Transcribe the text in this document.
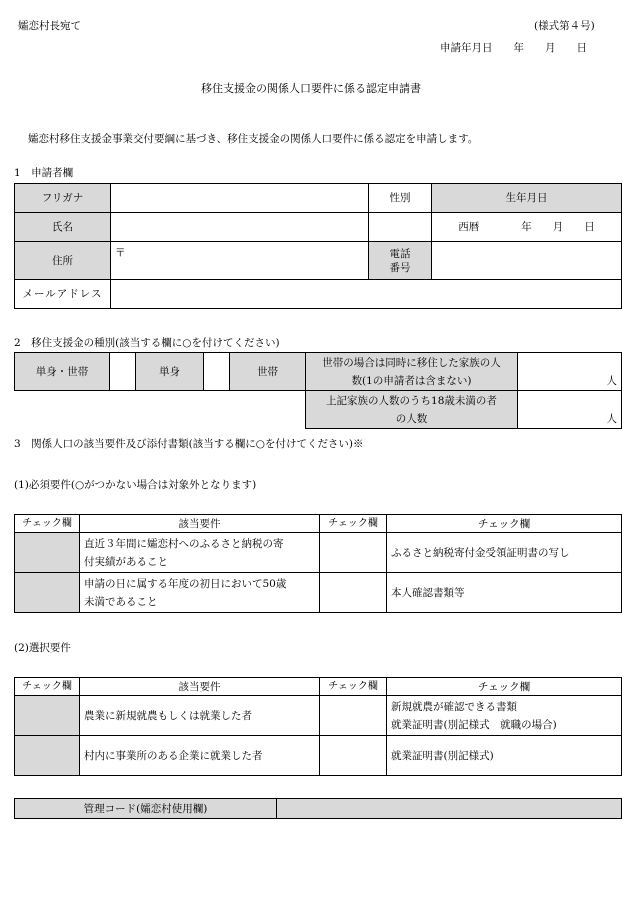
孀恋村長宛て	(様式第４号)
申請年月日　　年　　月　　日
移住支援金の関係人口要件に係る認定申請書
孀恋村移住支援金事業交付要綱に基づき、移住支援金の関係人口要件に係る認定を申請します。
1　申請者欄
フリガナ		性別	生年月日
氏名			西暦　　　　年　　月　　日
住所	〒	電話
番号	

メールアドレス			
2　移住支援金の種別(該当する欄に○を付けてください)
単身・世帯		単身		世帯	世帯の場合は同時に移住した家族の人
数(1の申請者は含まない)	人

					上記家族の人数のうち18歳未満の者
の人数	人
3　関係人口の該当要件及び添付書類(該当する欄に○を付けてください)※
(1)必須要件(○がつかない場合は対象外となります)
チェック欄	該当要件	チェック欄	チェック欄

	直近３年間に孀恋村へのふるさと納税の寄
付実績があること		ふるさと納税寄付金受領証明書の写し

	申請の日に属する年度の初日において50歳
未満であること		本人確認書類等
(2)選択要件
チェック欄	該当要件	チェック欄	チェック欄
	農業に新規就農もしくは就業した者		新規就農が確認できる書類
就業証明書(別記様式　就職の場合)

	村内に事業所のある企業に就業した者		就業証明書(別記様式)
管理コード(孀恋村使用欄)	
